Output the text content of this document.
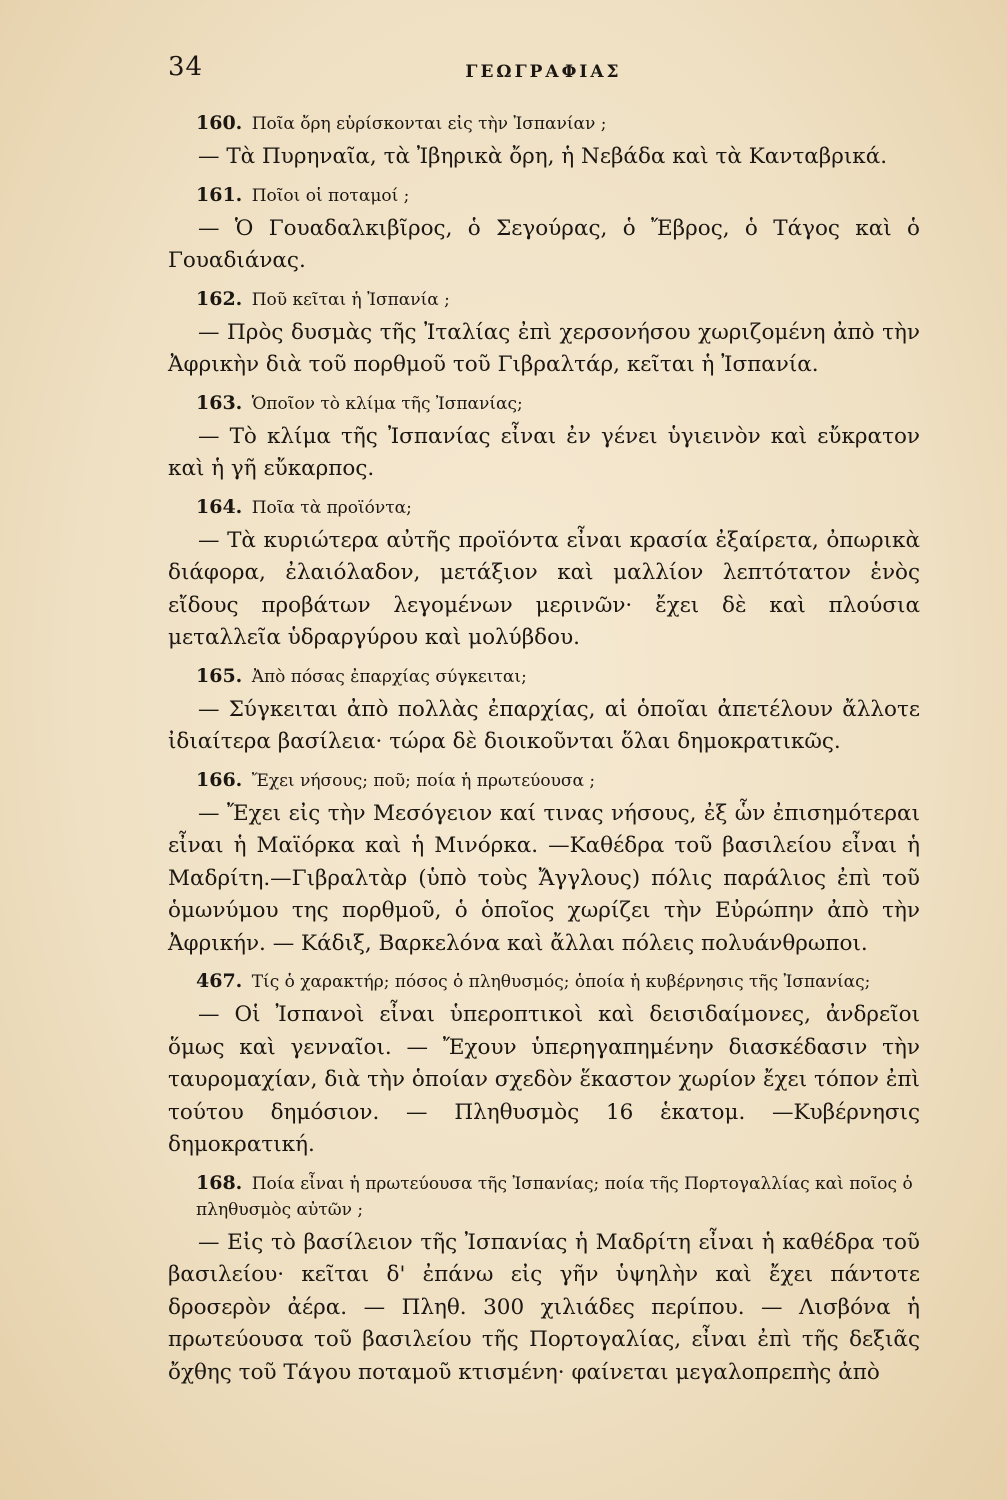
34	ΓΕΩΓΡΑΦΙΑΣ

160. Ποῖα ὄρη εὑρίσκονται εἰς τὴν Ἰσπανίαν ;

— Τὰ Πυρηναῖα, τὰ Ἰβηρικὰ ὄρη, ἡ Νεβάδα καὶ τὰ Κανταβρικά.

161. Ποῖοι οἱ ποταμοί ;

— Ὁ Γουαδαλκιβῖρος, ὁ Σεγούρας, ὁ Ἔβρος, ὁ Τάγος καὶ ὁ Γουαδιάνας.

162. Ποῦ κεῖται ἡ Ἰσπανία ;

— Πρὸς δυσμὰς τῆς Ἰταλίας ἐπὶ χερσονήσου χωριζομένη ἀπὸ τὴν Ἀφρικὴν διὰ τοῦ πορθμοῦ τοῦ Γιβραλτάρ, κεῖται ἡ Ἰσπανία.

163. Ὁποῖον τὸ κλίμα τῆς Ἰσπανίας;

— Τὸ κλίμα τῆς Ἰσπανίας εἶναι ἐν γένει ὑγιεινὸν καὶ εὔκρατον καὶ ἡ γῆ εὔκαρπος.

164. Ποῖα τὰ προϊόντα;

— Τὰ κυριώτερα αὐτῆς προϊόντα εἶναι κρασία ἐξαίρετα, ὀπωρικὰ διάφορα, ἐλαιόλαδον, μετάξιον καὶ μαλλίον λεπτότατον ἑνὸς εἴδους προβάτων λεγομένων μερινῶν· ἔχει δὲ καὶ πλούσια μεταλλεῖα ὑδραργύρου καὶ μολύβδου.

165. Ἀπὸ πόσας ἐπαρχίας σύγκειται;

— Σύγκειται ἀπὸ πολλὰς ἐπαρχίας, αἱ ὁποῖαι ἀπετέλουν ἄλλοτε ἰδιαίτερα βασίλεια· τώρα δὲ διοικοῦνται ὅλαι δημοκρατικῶς.

166. Ἔχει νήσους; ποῦ; ποία ἡ πρωτεύουσα ;

— Ἔχει εἰς τὴν Μεσόγειον καί τινας νήσους, ἐξ ὧν ἐπισημότεραι εἶναι ἡ Μαϊόρκα καὶ ἡ Μινόρκα. —Καθέδρα τοῦ βασιλείου εἶναι ἡ Μαδρίτη.—Γιβραλτὰρ (ὑπὸ τοὺς Ἄγγλους) πόλις παράλιος ἐπὶ τοῦ ὁμωνύμου της πορθμοῦ, ὁ ὁποῖος χωρίζει τὴν Εὐρώπην ἀπὸ τὴν Ἀφρικήν. — Κάδιξ, Βαρκελόνα καὶ ἄλλαι πόλεις πολυάνθρωποι.

467. Τίς ὁ χαρακτήρ; πόσος ὁ πληθυσμός; ὁποία ἡ κυβέρνησις τῆς Ἰσπανίας;

— Οἱ Ἰσπανοὶ εἶναι ὑπεροπτικοὶ καὶ δεισιδαίμονες, ἀνδρεῖοι ὅμως καὶ γενναῖοι. — Ἔχουν ὑπερηγαπημένην διασκέδασιν τὴν ταυρομαχίαν, διὰ τὴν ὁποίαν σχεδὸν ἕκαστον χωρίον ἔχει τόπον ἐπὶ τούτου δημόσιον. — Πληθυσμὸς 16 ἑκατομ. —Κυβέρνησις δημοκρατική.

168. Ποία εἶναι ἡ πρωτεύουσα τῆς Ἰσπανίας; ποία τῆς Πορτογαλλίας καὶ ποῖος ὁ πληθυσμὸς αὐτῶν ;

— Εἰς τὸ βασίλειον τῆς Ἰσπανίας ἡ Μαδρίτη εἶναι ἡ καθέδρα τοῦ βασιλείου· κεῖται δ' ἐπάνω εἰς γῆν ὑψηλὴν καὶ ἔχει πάντοτε δροσερὸν ἀέρα. — Πληθ. 300 χιλιάδες περίπου. — Λισβόνα ἡ πρωτεύουσα τοῦ βασιλείου τῆς Πορτογαλίας, εἶναι ἐπὶ τῆς δεξιᾶς ὄχθης τοῦ Τάγου ποταμοῦ κτισμένη· φαίνεται μεγαλοπρεπὴς ἀπὸ
